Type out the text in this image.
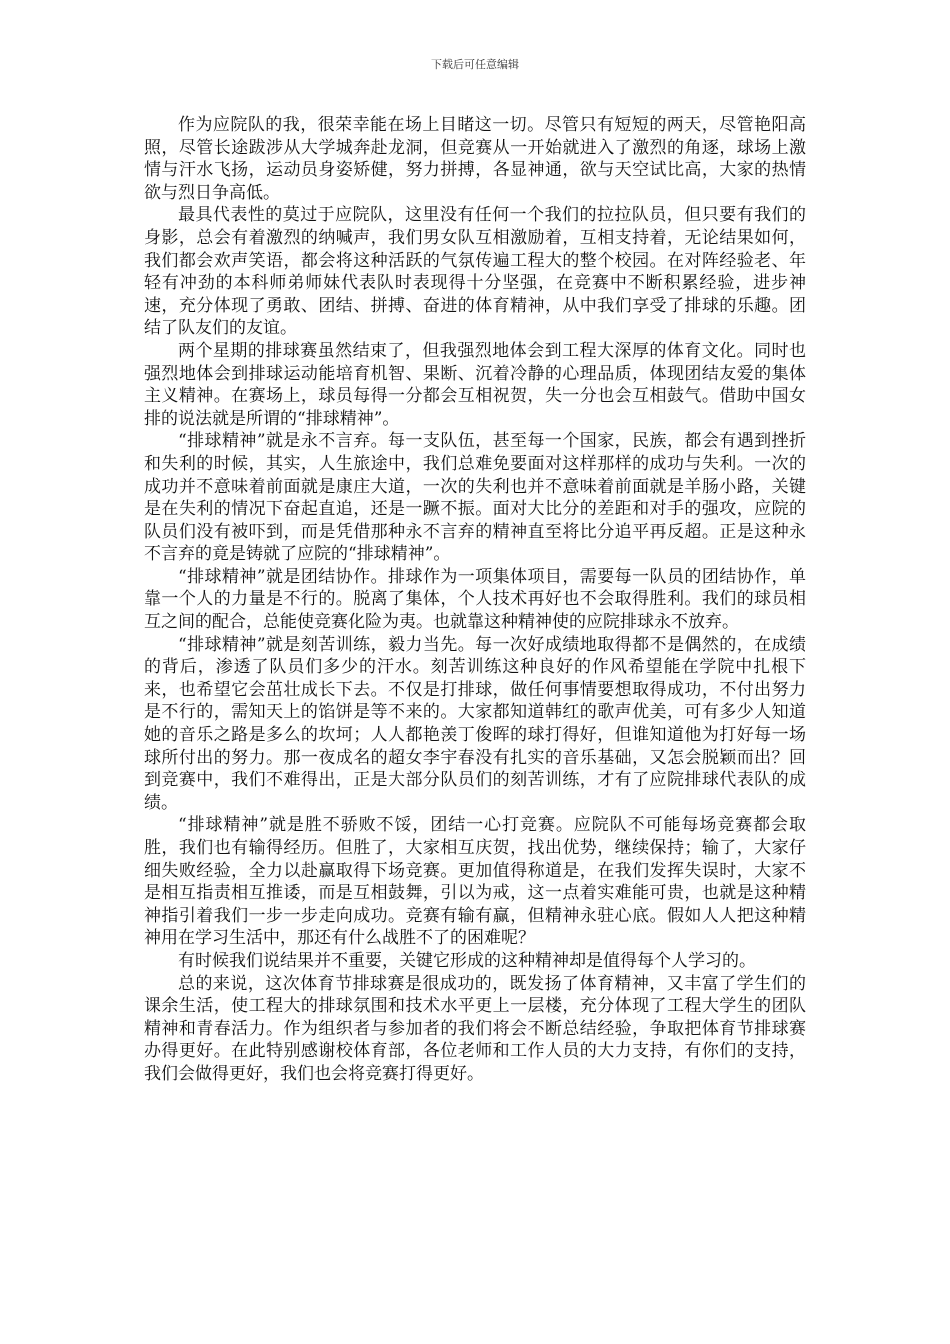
下载后可任意编辑

作为应院队的我，很荣幸能在场上目睹这一切。尽管只有短短的两天，尽管艳阳高照，尽管长途跋涉从大学城奔赴龙洞，但竞赛从一开始就进入了激烈的角逐，球场上激情与汗水飞扬，运动员身姿矫健，努力拼搏，各显神通，欲与天空试比高，大家的热情欲与烈日争高低。

最具代表性的莫过于应院队，这里没有任何一个我们的拉拉队员，但只要有我们的身影，总会有着激烈的纳喊声，我们男女队互相激励着，互相支持着，无论结果如何，我们都会欢声笑语，都会将这种活跃的气氛传遍工程大的整个校园。在对阵经验老、年轻有冲劲的本科师弟师妹代表队时表现得十分坚强，在竞赛中不断积累经验，进步神速，充分体现了勇敢、团结、拼搏、奋进的体育精神，从中我们享受了排球的乐趣。团结了队友们的友谊。

两个星期的排球赛虽然结束了，但我强烈地体会到工程大深厚的体育文化。同时也强烈地体会到排球运动能培育机智、果断、沉着冷静的心理品质，体现团结友爱的集体主义精神。在赛场上，球员每得一分都会互相祝贺，失一分也会互相鼓气。借助中国女排的说法就是所谓的“排球精神”。

“排球精神”就是永不言弃。每一支队伍，甚至每一个国家，民族，都会有遇到挫折和失利的时候，其实，人生旅途中，我们总难免要面对这样那样的成功与失利。一次的成功并不意味着前面就是康庄大道，一次的失利也并不意味着前面就是羊肠小路，关键是在失利的情况下奋起直追，还是一蹶不振。面对大比分的差距和对手的强攻，应院的队员们没有被吓到，而是凭借那种永不言弃的精神直至将比分追平再反超。正是这种永不言弃的竟是铸就了应院的“排球精神”。

“排球精神”就是团结协作。排球作为一项集体项目，需要每一队员的团结协作，单靠一个人的力量是不行的。脱离了集体，个人技术再好也不会取得胜利。我们的球员相互之间的配合，总能使竞赛化险为夷。也就靠这种精神使的应院排球永不放弃。

“排球精神”就是刻苦训练，毅力当先。每一次好成绩地取得都不是偶然的，在成绩的背后，渗透了队员们多少的汗水。刻苦训练这种良好的作风希望能在学院中扎根下来，也希望它会茁壮成长下去。不仅是打排球，做任何事情要想取得成功，不付出努力是不行的，需知天上的馅饼是等不来的。大家都知道韩红的歌声优美，可有多少人知道她的音乐之路是多么的坎坷；人人都艳羡丁俊晖的球打得好，但谁知道他为打好每一场球所付出的努力。那一夜成名的超女李宇春没有扎实的音乐基础，又怎会脱颖而出？回到竞赛中，我们不难得出，正是大部分队员们的刻苦训练，才有了应院排球代表队的成绩。

“排球精神”就是胜不骄败不馁，团结一心打竞赛。应院队不可能每场竞赛都会取胜，我们也有输得经历。但胜了，大家相互庆贺，找出优势，继续保持；输了，大家仔细失败经验，全力以赴赢取得下场竞赛。更加值得称道是，在我们发挥失误时，大家不是相互指责相互推诿，而是互相鼓舞，引以为戒，这一点着实难能可贵，也就是这种精神指引着我们一步一步走向成功。竞赛有输有赢，但精神永驻心底。假如人人把这种精神用在学习生活中，那还有什么战胜不了的困难呢？

有时候我们说结果并不重要，关键它形成的这种精神却是值得每个人学习的。

总的来说，这次体育节排球赛是很成功的，既发扬了体育精神，又丰富了学生们的课余生活，使工程大的排球氛围和技术水平更上一层楼，充分体现了工程大学生的团队精神和青春活力。作为组织者与参加者的我们将会不断总结经验，争取把体育节排球赛办得更好。在此特别感谢校体育部，各位老师和工作人员的大力支持，有你们的支持，我们会做得更好，我们也会将竞赛打得更好。
